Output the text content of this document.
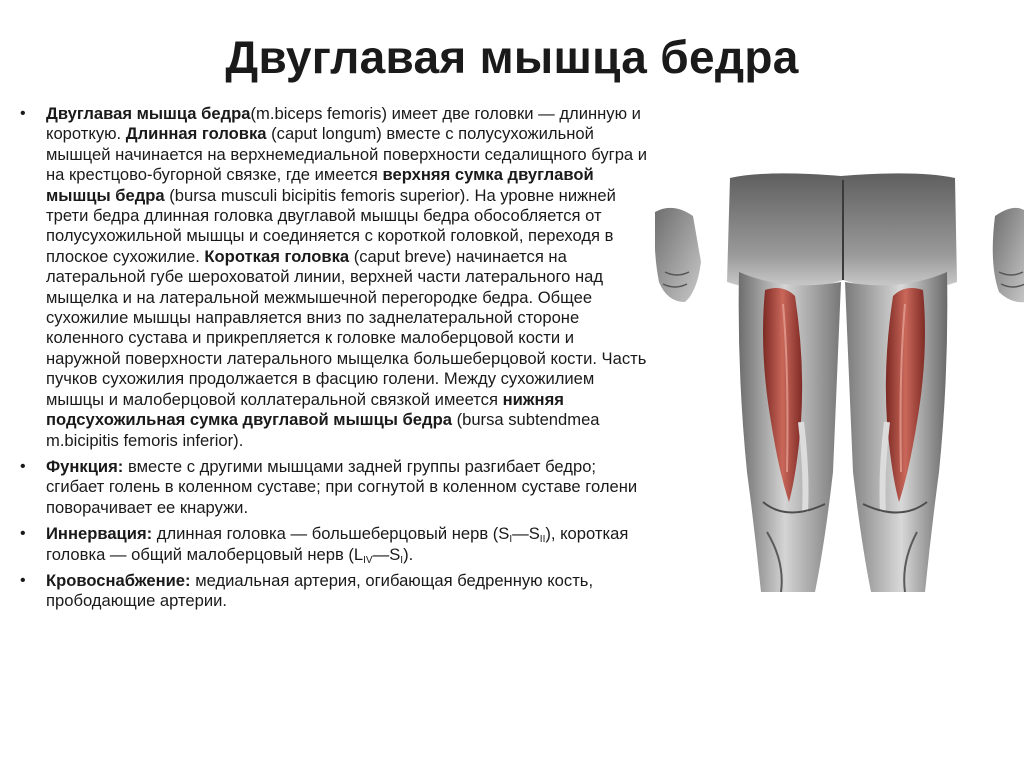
Двуглавая мышца бедра
• Двуглавая мышца бедра(m.biceps femoris) имеет две головки — длинную и короткую. Длинная головка (caput longum) вместе с полусухожильной мышцей начинается на верхнемедиальной поверхности седалищного бугра и на крестцово-бугорной связке, где имеется верхняя сумка двуглавой мышцы бедра (bursa musculi bicipitis femoris superior). На уровне нижней трети бедра длинная головка двуглавой мышцы бедра обособляется от полусухожильной мышцы и соединяется с короткой головкой, переходя в плоское сухожилие. Короткая головка (caput breve) начинается на латеральной губе шероховатой линии, верхней части латерального над мыщелка и на латеральной межмышечной перегородке бедра. Общее сухожилие мышцы направляется вниз по заднелатеральной стороне коленного сустава и прикрепляется к головке малоберцовой кости и наружной поверхности латерального мыщелка большеберцовой кости. Часть пучков сухожилия продолжается в фасцию голени. Между сухожилием мышцы и малоберцовой коллатеральной связкой имеется нижняя подсухожильная сумка двуглавой мышцы бедра (bursa subtendmea m.bicipitis femoris inferior).
• Функция: вместе с другими мышцами задней группы разгибает бедро; сгибает голень в коленном суставе; при согнутой в коленном суставе голени поворачивает ее кнаружи.
• Иннервация: длинная головка — большеберцовый нерв $(S_I—S_{II})$, короткая головка — общий малоберцовый нерв $(L_{IV}—S_I)$.
• Кровоснабжение: медиальная артерия, огибающая бедренную кость, прободающие артерии.
